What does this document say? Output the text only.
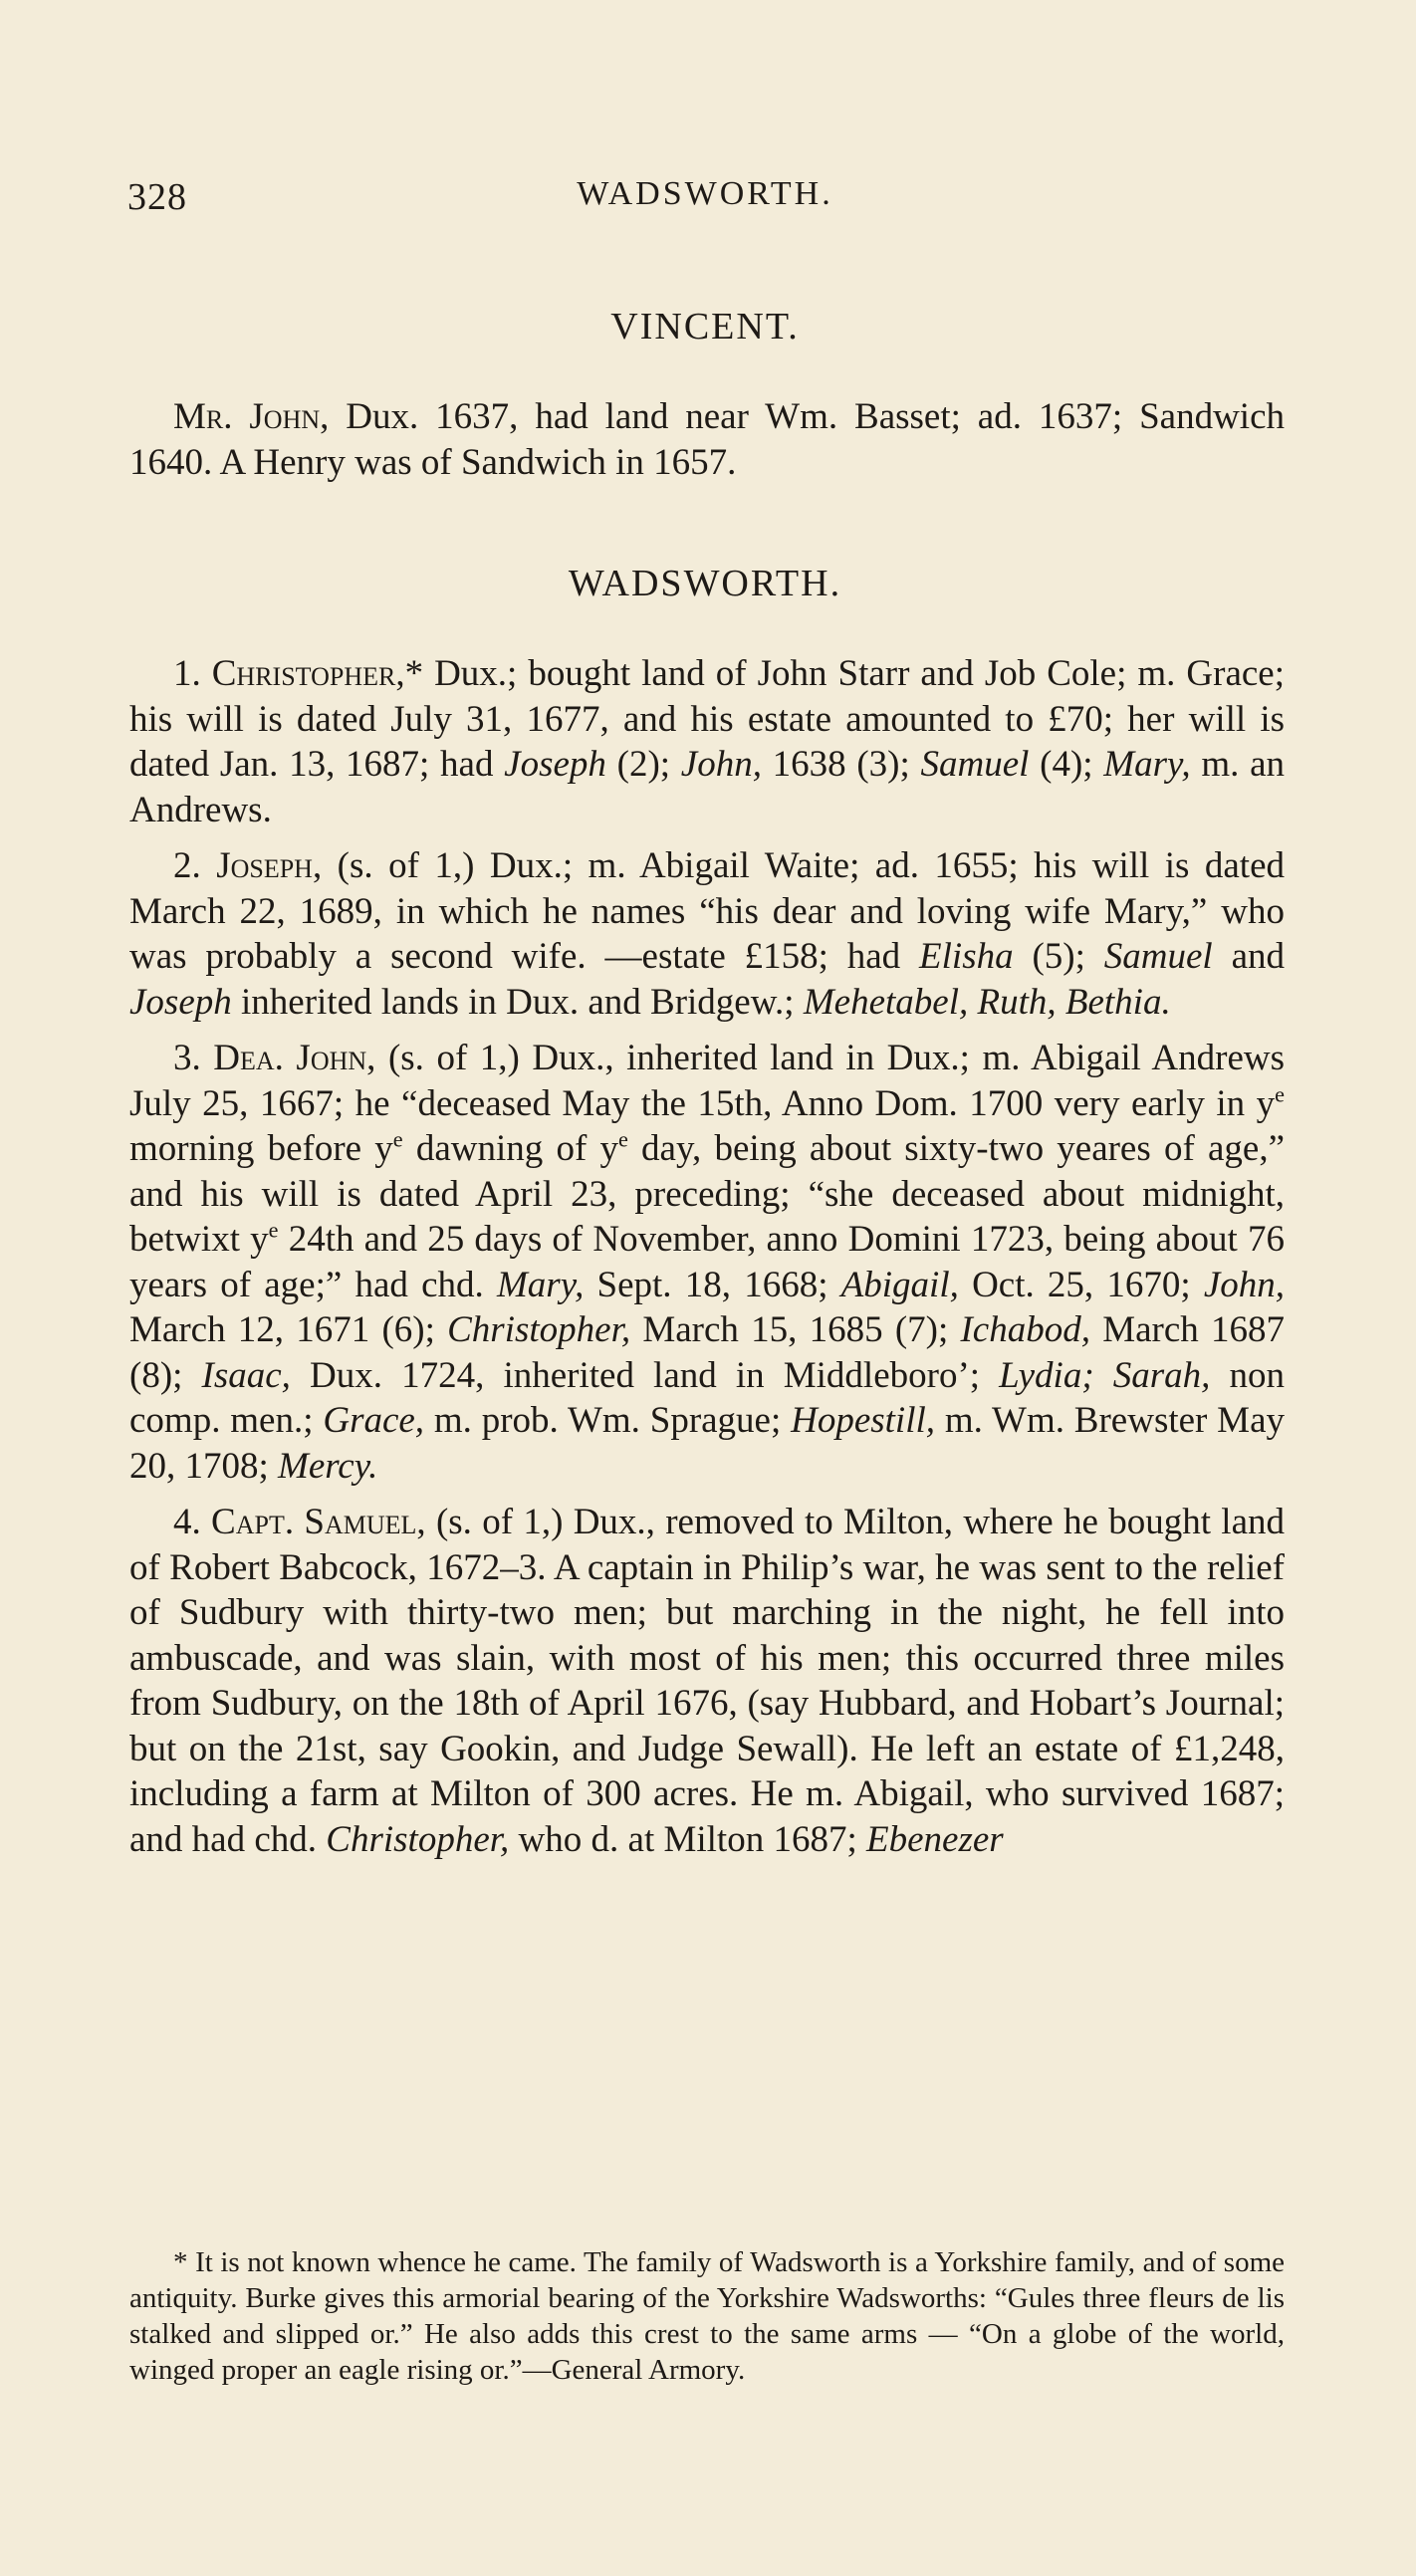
328	WADSWORTH.
VINCENT.

Mr. John, Dux. 1637, had land near Wm. Basset; ad. 1637; Sandwich 1640. A Henry was of Sandwich in 1657.

WADSWORTH.

1. Christopher,* Dux.; bought land of John Starr and Job Cole; m. Grace; his will is dated July 31, 1677, and his estate amounted to £70; her will is dated Jan. 13, 1687; had Joseph (2); John, 1638 (3); Samuel (4); Mary, m. an Andrews.

2. Joseph, (s. of 1,) Dux.; m. Abigail Waite; ad. 1655; his will is dated March 22, 1689, in which he names “his dear and loving wife Mary,” who was probably a second wife. —estate £158; had Elisha (5); Samuel and Joseph inherited lands in Dux. and Bridgew.; Mehetabel, Ruth, Bethia.

3. Dea. John, (s. of 1,) Dux., inherited land in Dux.; m. Abigail Andrews July 25, 1667; he “deceased May the 15th, Anno Dom. 1700 very early in $y^e$ morning before $y^e$ dawning of $y^e$ day, being about sixty-two yeares of age,” and his will is dated April 23, preceding; “she deceased about midnight, betwixt $y^e$ 24th and 25 days of November, anno Domini 1723, being about 76 years of age;” had chd. Mary, Sept. 18, 1668; Abigail, Oct. 25, 1670; John, March 12, 1671 (6); Christopher, March 15, 1685 (7); Ichabod, March 1687 (8); Isaac, Dux. 1724, inherited land in Middleboro’; Lydia; Sarah, non comp. men.; Grace, m. prob. Wm. Sprague; Hopestill, m. Wm. Brewster May 20, 1708; Mercy.

4. Capt. Samuel, (s. of 1,) Dux., removed to Milton, where he bought land of Robert Babcock, 1672–3. A captain in Philip’s war, he was sent to the relief of Sudbury with thirty-two men; but marching in the night, he fell into ambuscade, and was slain, with most of his men; this occurred three miles from Sudbury, on the 18th of April 1676, (say Hubbard, and Hobart’s Journal; but on the 21st, say Gookin, and Judge Sewall). He left an estate of £1,248, including a farm at Milton of 300 acres. He m. Abigail, who survived 1687; and had chd. Christopher, who d. at Milton 1687; Ebenezer

* It is not known whence he came. The family of Wadsworth is a Yorkshire family, and of some antiquity. Burke gives this armorial bearing of the Yorkshire Wadsworths: “Gules three fleurs de lis stalked and slipped or.” He also adds this crest to the same arms — “On a globe of the world, winged proper an eagle rising or.”—General Armory.
